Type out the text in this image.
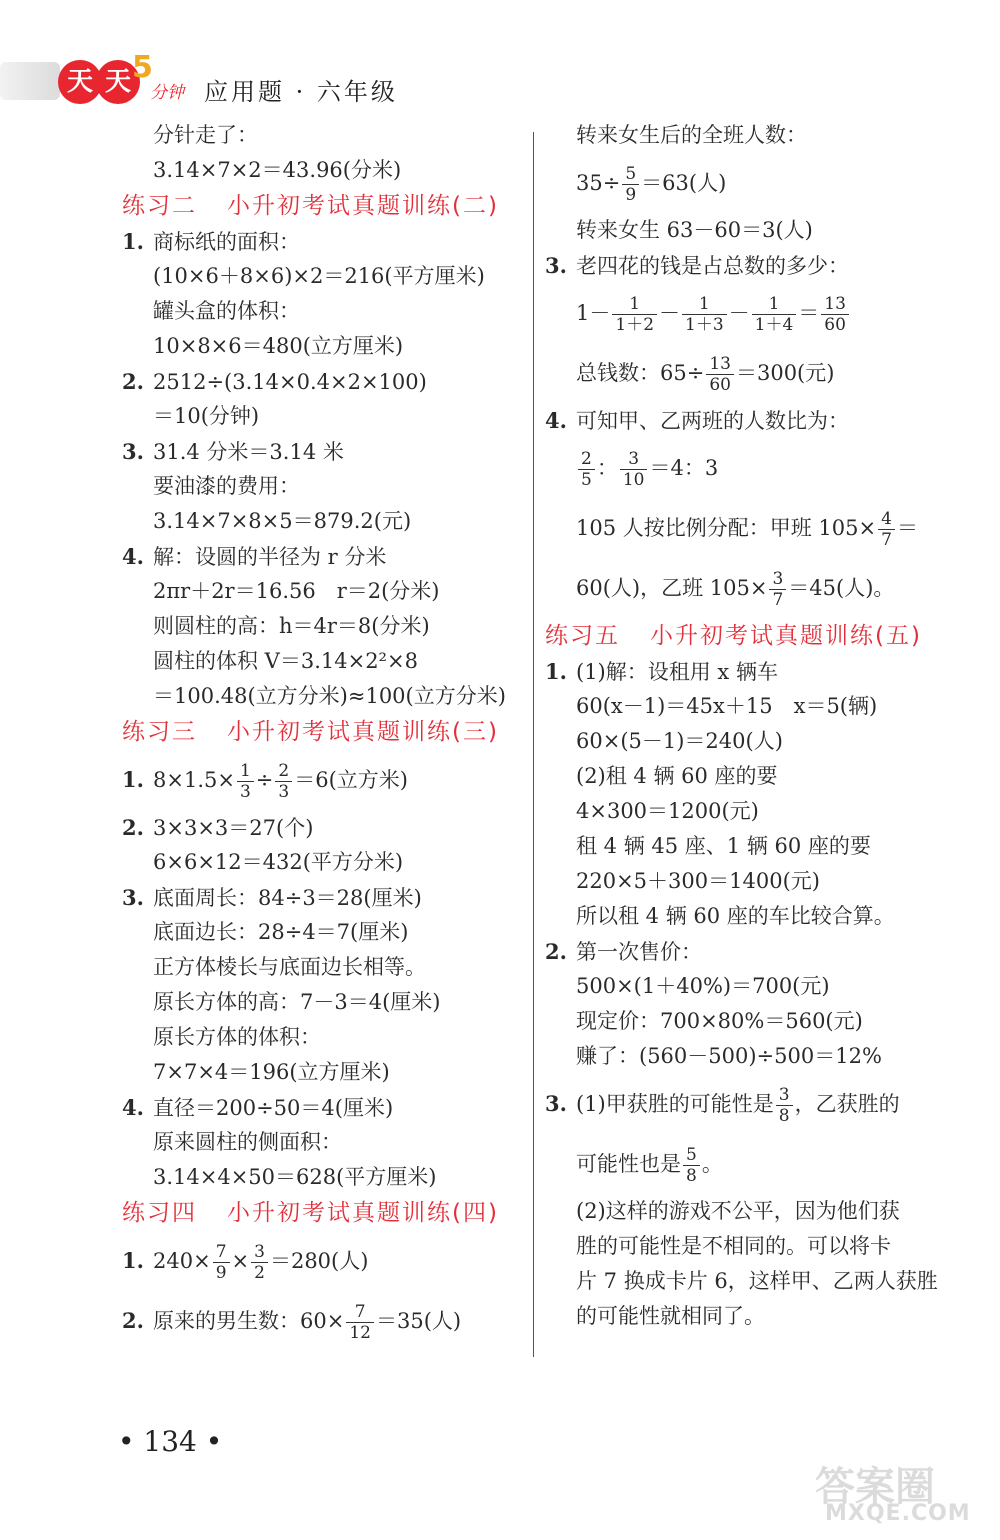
天 天 5
分钟 应用题 · 六年级
分针走了：
3.14×7×2＝43.96(分米)
练习二 小升初考试真题训练(二)
1. 商标纸的面积：
(10×6＋8×6)×2＝216(平方厘米)
罐头盒的体积：
10×8×6＝480(立方厘米)
2. 2512÷(3.14×0.4×2×100)
＝10(分钟)
3. 31.4 分米＝3.14 米
要油漆的费用：
3.14×7×8×5＝879.2(元)
4. 解：设圆的半径为 r 分米
2πr＋2r＝16.56　r＝2(分米)
则圆柱的高：h＝4r＝8(分米)
圆柱的体积 V＝3.14×2²×8
＝100.48(立方分米)≈100(立方分米)
练习三 小升初考试真题训练(三)
1. $8\times 1.5\times \frac{1}{3} \div \frac{2}{3} =6$(立方米)
2. 3×3×3＝27(个)
6×6×12＝432(平方分米)
3. 底面周长：84÷3＝28(厘米)
底面边长：28÷4＝7(厘米)
正方体棱长与底面边长相等。
原长方体的高：7－3＝4(厘米)
原长方体的体积：
7×7×4＝196(立方厘米)
4. 直径＝200÷50＝4(厘米)
原来圆柱的侧面积：
3.14×4×50＝628(平方厘米)
练习四 小升初考试真题训练(四)
1. $240\times \frac{7}{9} \times \frac{3}{2} =280$(人)
2. 原来的男生数：$60\times \frac{7}{12} =35$(人)
转来女生后的全班人数：
$35\div \frac{5}{9} =63$(人)
转来女生 63－60＝3(人)
3. 老四花的钱是占总数的多少：
$1- \frac{1}{1+2} - \frac{1}{1+3} - \frac{1}{1+4} = \frac{13}{60}$
总钱数：$65\div \frac{13}{60} =300$(元)
4. 可知甲、乙两班的人数比为：
$\frac{2}{5}$ ： $\frac{3}{10} =4$：3
105 人按比例分配：甲班 $105\times \frac{4}{7}$ ＝
60(人)，乙班 $105\times \frac{3}{7} =45$(人)。
练习五 小升初考试真题训练(五)
1. (1)解：设租用 x 辆车
60(x－1)＝45x＋15　x＝5(辆)
60×(5－1)＝240(人)
(2)租 4 辆 60 座的要
4×300＝1200(元)
租 4 辆 45 座、1 辆 60 座的要
220×5＋300＝1400(元)
所以租 4 辆 60 座的车比较合算。
2. 第一次售价：
500×(1＋40%)＝700(元)
现定价：700×80%＝560(元)
赚了：(560－500)÷500＝12%
3. (1)甲获胜的可能性是 $\frac{3}{8}$ ，乙获胜的
可能性也是 $\frac{5}{8}$ 。
(2)这样的游戏不公平，因为他们获
胜的可能性是不相同的。可以将卡
片 7 换成卡片 6，这样甲、乙两人获胜
的可能性就相同了。
• 134 •
答案圈
MXQE.COM
